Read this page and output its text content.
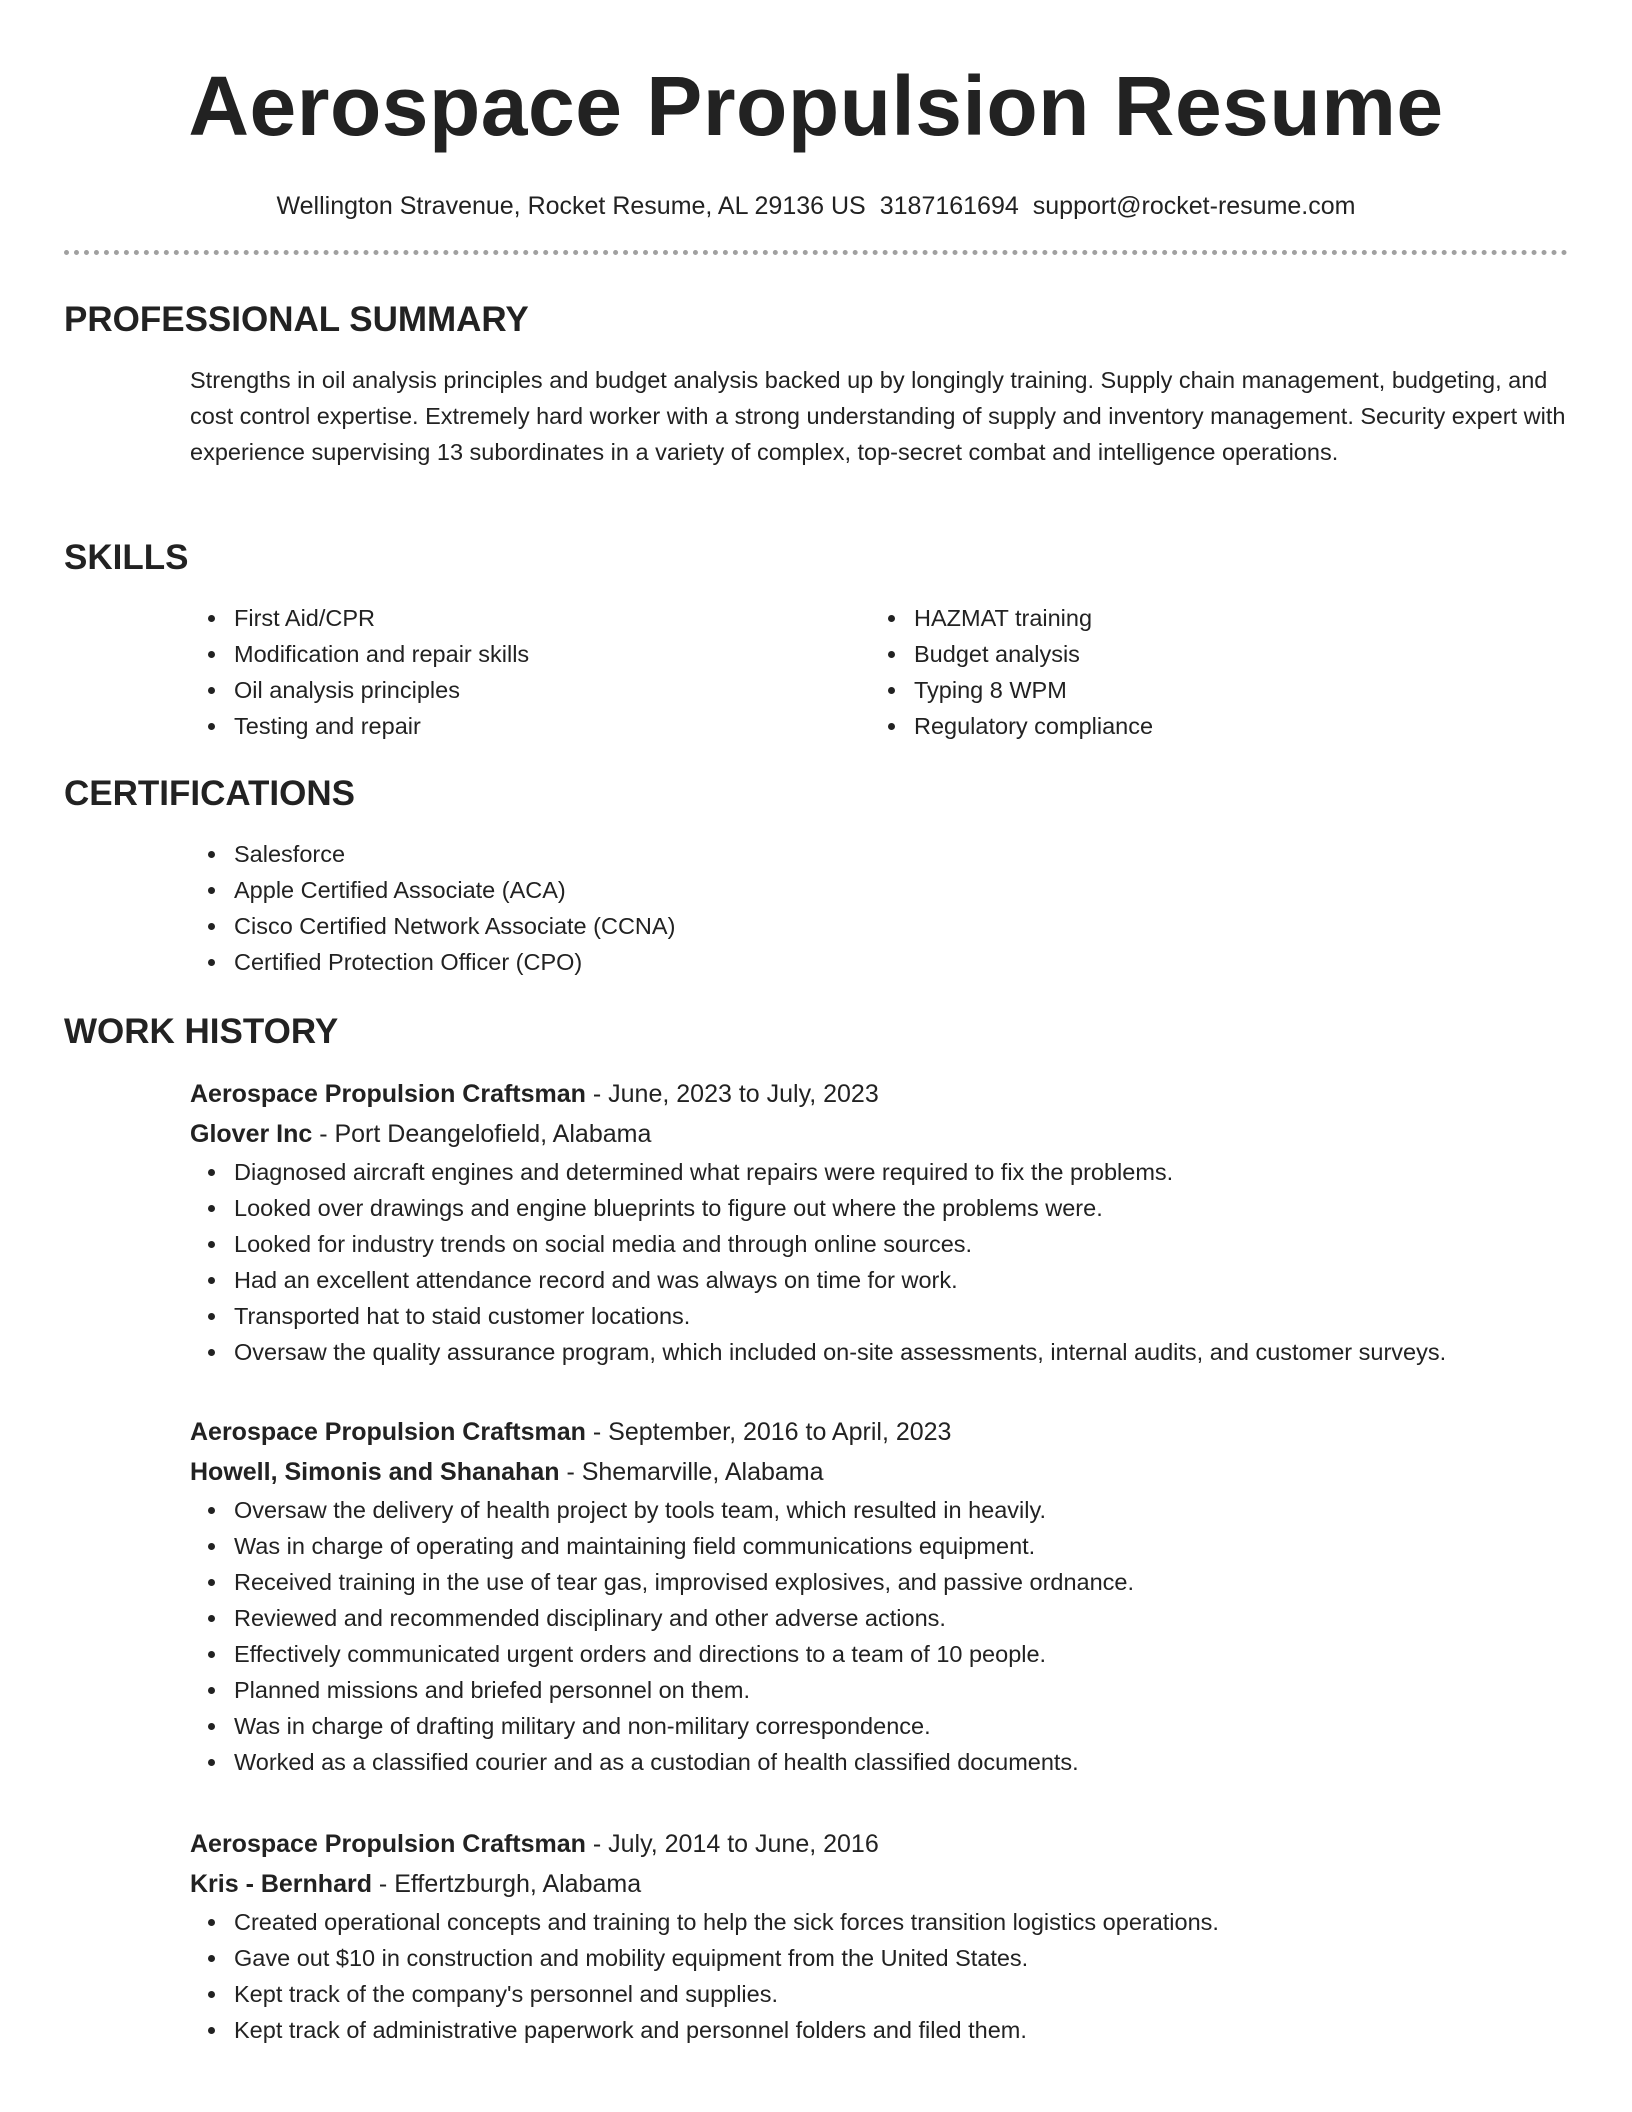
Aerospace Propulsion Resume
Wellington Stravenue, Rocket Resume, AL 29136 US 3187161694 support@rocket-resume.com
PROFESSIONAL SUMMARY
Strengths in oil analysis principles and budget analysis backed up by longingly training. Supply chain management, budgeting, and cost control expertise. Extremely hard worker with a strong understanding of supply and inventory management. Security expert with experience supervising 13 subordinates in a variety of complex, top-secret combat and intelligence operations.
SKILLS
First Aid/CPR
Modification and repair skills
Oil analysis principles
Testing and repair
HAZMAT training
Budget analysis
Typing 8 WPM
Regulatory compliance
CERTIFICATIONS
Salesforce
Apple Certified Associate (ACA)
Cisco Certified Network Associate (CCNA)
Certified Protection Officer (CPO)
WORK HISTORY
Aerospace Propulsion Craftsman - June, 2023 to July, 2023
Glover Inc - Port Deangelofield, Alabama
Diagnosed aircraft engines and determined what repairs were required to fix the problems.
Looked over drawings and engine blueprints to figure out where the problems were.
Looked for industry trends on social media and through online sources.
Had an excellent attendance record and was always on time for work.
Transported hat to staid customer locations.
Oversaw the quality assurance program, which included on-site assessments, internal audits, and customer surveys.
Aerospace Propulsion Craftsman - September, 2016 to April, 2023
Howell, Simonis and Shanahan - Shemarville, Alabama
Oversaw the delivery of health project by tools team, which resulted in heavily.
Was in charge of operating and maintaining field communications equipment.
Received training in the use of tear gas, improvised explosives, and passive ordnance.
Reviewed and recommended disciplinary and other adverse actions.
Effectively communicated urgent orders and directions to a team of 10 people.
Planned missions and briefed personnel on them.
Was in charge of drafting military and non-military correspondence.
Worked as a classified courier and as a custodian of health classified documents.
Aerospace Propulsion Craftsman - July, 2014 to June, 2016
Kris - Bernhard - Effertzburgh, Alabama
Created operational concepts and training to help the sick forces transition logistics operations.
Gave out $10 in construction and mobility equipment from the United States.
Kept track of the company's personnel and supplies.
Kept track of administrative paperwork and personnel folders and filed them.
